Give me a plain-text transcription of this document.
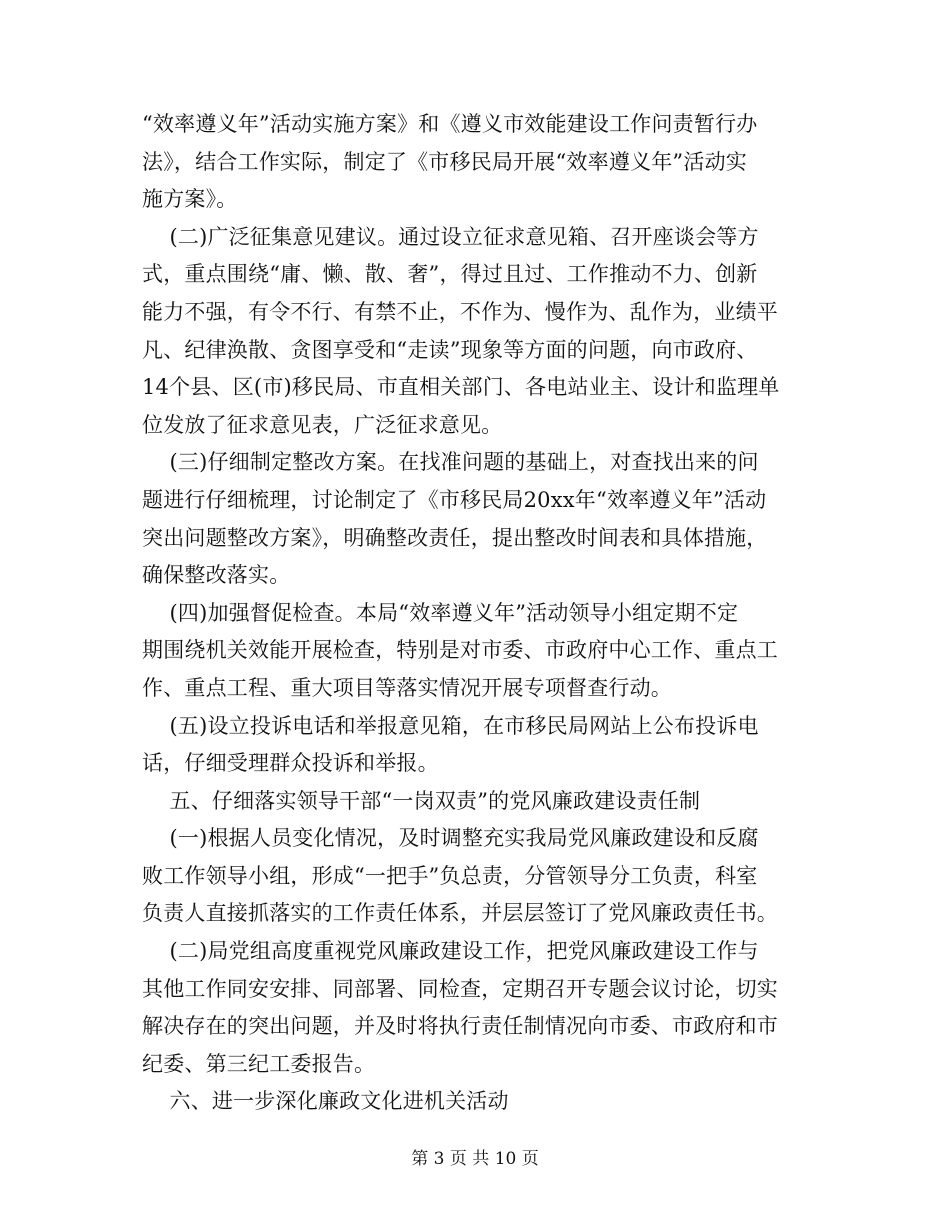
“效率遵义年”活动实施方案》和《遵义市效能建设工作问责暂行办
法》，结合工作实际，制定了《市移民局开展“效率遵义年”活动实
施方案》。
(二)广泛征集意见建议。通过设立征求意见箱、召开座谈会等方
式，重点围绕“庸、懒、散、奢”，得过且过、工作推动不力、创新
能力不强，有令不行、有禁不止，不作为、慢作为、乱作为，业绩平
凡、纪律涣散、贪图享受和“走读”现象等方面的问题，向市政府、
14个县、区(市)移民局、市直相关部门、各电站业主、设计和监理单
位发放了征求意见表，广泛征求意见。
(三)仔细制定整改方案。在找准问题的基础上，对查找出来的问
题进行仔细梳理，讨论制定了《市移民局20xx年“效率遵义年”活动
突出问题整改方案》，明确整改责任，提出整改时间表和具体措施，
确保整改落实。
(四)加强督促检查。本局“效率遵义年”活动领导小组定期不定
期围绕机关效能开展检查，特别是对市委、市政府中心工作、重点工
作、重点工程、重大项目等落实情况开展专项督查行动。
(五)设立投诉电话和举报意见箱，在市移民局网站上公布投诉电
话，仔细受理群众投诉和举报。
五、仔细落实领导干部“一岗双责”的党风廉政建设责任制
(一)根据人员变化情况，及时调整充实我局党风廉政建设和反腐
败工作领导小组，形成“一把手”负总责，分管领导分工负责，科室
负责人直接抓落实的工作责任体系，并层层签订了党风廉政责任书。
(二)局党组高度重视党风廉政建设工作，把党风廉政建设工作与
其他工作同安安排、同部署、同检查，定期召开专题会议讨论，切实
解决存在的突出问题，并及时将执行责任制情况向市委、市政府和市
纪委、第三纪工委报告。
六、进一步深化廉政文化进机关活动
第 3 页 共 10 页
